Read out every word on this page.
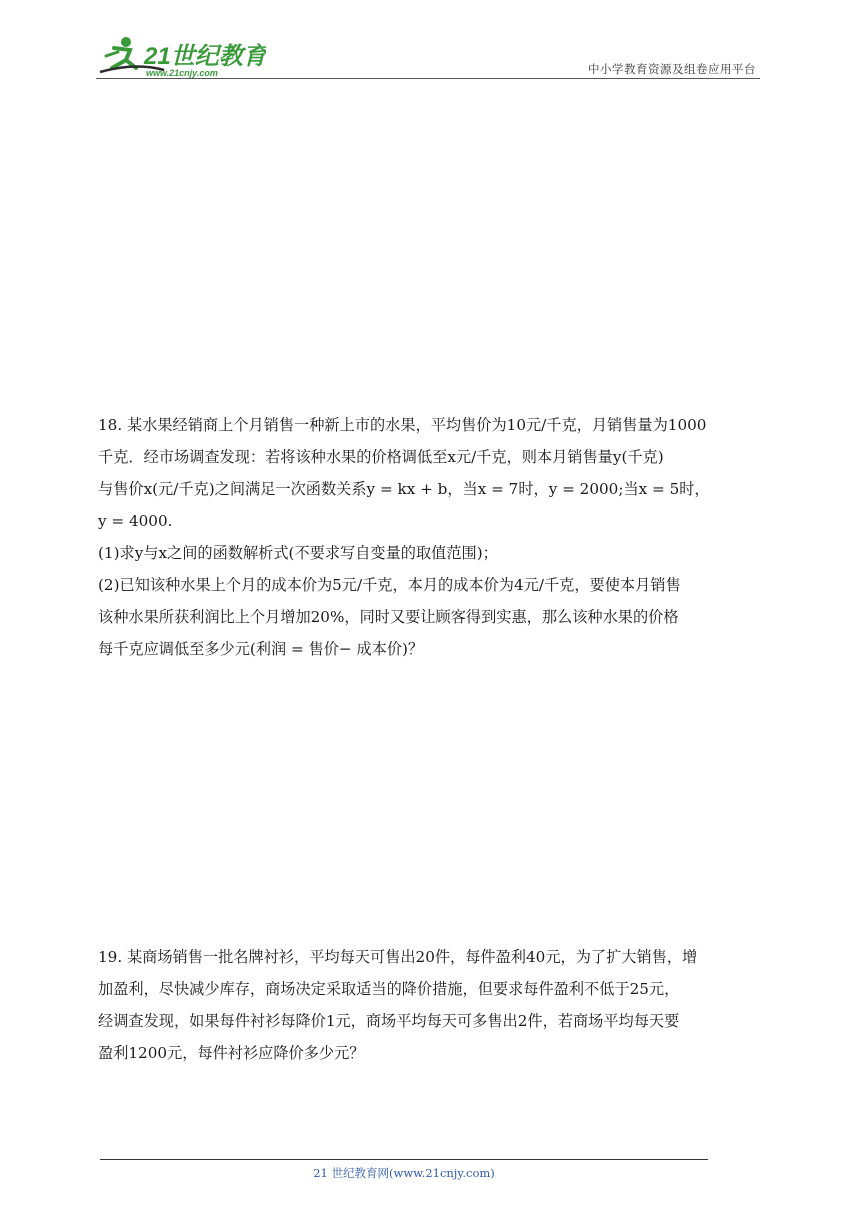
21世纪教育
www.21cnjy.com	中小学教育资源及组卷应用平台

18. 某水果经销商上个月销售一种新上市的水果，平均售价为10元/千克，月销售量为1000

千克．经市场调查发现：若将该种水果的价格调低至x元/千克，则本月销售量y(千克)

与售价x(元/千克)之间满足一次函数关系y = kx + b，当x = 7时，y = 2000;当x = 5时，

y = 4000.

(1)求y与x之间的函数解析式(不要求写自变量的取值范围)；

(2)已知该种水果上个月的成本价为5元/千克，本月的成本价为4元/千克，要使本月销售

该种水果所获利润比上个月增加20%，同时又要让顾客得到实惠，那么该种水果的价格

每千克应调低至多少元(利润 = 售价− 成本价)？

19. 某商场销售一批名牌衬衫，平均每天可售出20件，每件盈利40元，为了扩大销售，增

加盈利，尽快减少库存，商场决定采取适当的降价措施，但要求每件盈利不低于25元，

经调查发现，如果每件衬衫每降价1元，商场平均每天可多售出2件，若商场平均每天要

盈利1200元，每件衬衫应降价多少元？

21 世纪教育网(www.21cnjy.com)
